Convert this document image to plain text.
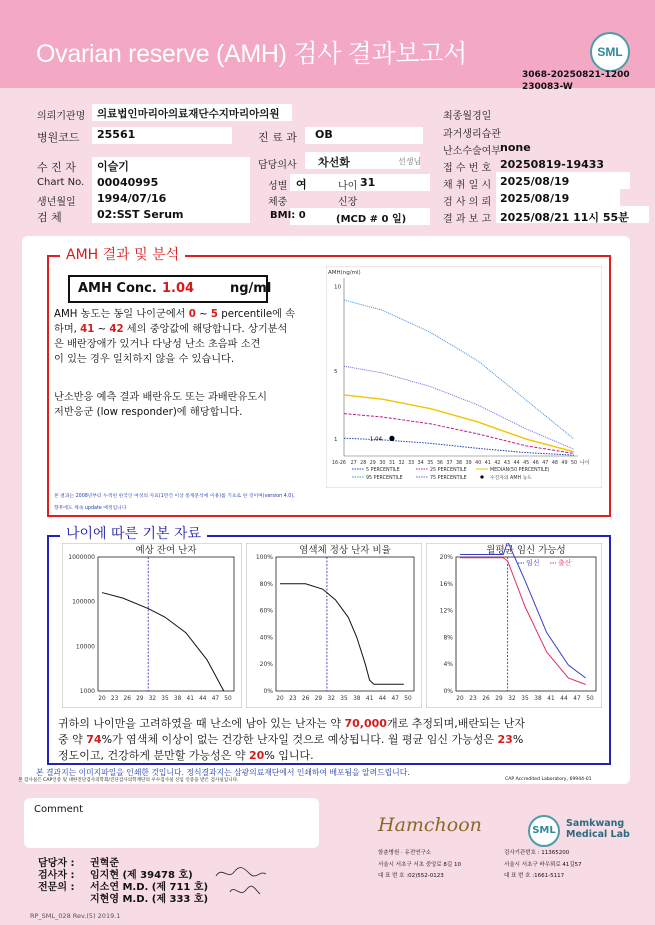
Ovarian reserve (AMH) 검사 결과보고서	SML
3068-20250821-1200
230083-W
의뢰기관명 의료법인마리아의료재단수지마리아의원
병원코드 25561	진 료 과 OB
수 진 자 이슬기	담당의사 차선화	선생님
Chart No. 00040995	성별 여	나이 31
생년월일 1994/07/16	체중	신장
검 체	02:SST Serum	BMI: 0	(MCD # 0 일)
최종월경일
과거생리습관
난소수술여부 none
접 수 번 호 20250819-19433
채 취 일 시 2025/08/19
검 사 의 뢰 2025/08/19
결 과 보 고 2025/08/21 11시 55분
AMH 결과 및 분석
AMH Conc. 1.04	ng/ml
AMH 농도는 동일 나이군에서 0 ~ 5 percentile에 속
하며, 41 ~ 42 세의 중앙값에 해당합니다. 상기분석
은 배란장애가 있거나 다낭성 난소 초음파 소견
이 있는 경우 일치하지 않을 수 있습니다.
난소반응 예측 결과 배란유도 또는 과배란유도시
저반응군 (low responder)에 해당합니다.
본 결과는 2008년부터 누적된 한국인 여성의 자료(1만건 이상 통계분석에 이용)를 기초로 한 것이며(version 4.0),
향후에도 계속 update 예정입니다
AMH(ng/ml)
10
5
1
16-26 27 28 29 30 31 32 33 34 35 36 37 38 39 40 41 42 43 44 45 46 47 48 49 50 나이
1.04
5 PERCENTILE
95 PERCENTILE
MEDIAN(50 PERCENTILE)
25 PERCENTILE
75 PERCENTILE	수진자의 AMH 농도
나이에 따른 기본 자료
예상 잔여 난자
1000000
100000
10000
1000
20 23 26 29 32 35 38 41 44 47 50
염색체 정상 난자 비율
100%
80%
60%
40%
20%
0%
20 23 26 29 32 35 38 41 44 47 50
월평균 임신 가능성
20%
16%
12%
8%
4%
0%
20 23 26 29 32 35 38 41 44 47 50
임신	출산
귀하의 나이만을 고려하였을 때 난소에 남아 있는 난자는 약 70,000개로 추정되며,배란되는 난자
중 약 74%가 염색체 이상이 없는 건강한 난자일 것으로 예상됩니다. 월 평균 임신 가능성은 23%
정도이고, 건강하게 분만할 가능성은 약 20% 입니다.
본 결과지는 이미지파일을 인쇄한 것입니다. 정식결과지는 삼광의료재단에서 인쇄하여 배포됨을 알려드립니다.
본 검사실은 CAP인증 및 대한진단검사의학회/진단검사의학재단의 우수검사실 신임 인증을 받은 검사실입니다.	CAP Accredited Laboratory, 69944-01
Comment
담당자 : 권혁준
검사자 : 임지현 (제 39478 호)
전문의 : 서소연 M.D. (제 711 호)
지현영 M.D. (제 333 호)
Hamchoon
함춘병원 · 유전연구소
서울시 서초구 서초 중앙로 8길 10
대 표 번 호 :02)552-0123
SML
Samkwang
Medical Lab
검사기관번호 : 11365200
서울시 서초구 바우뫼로 41길57
대 표 번 호 :1661-5117
RP_SML_028 Rev.(5) 2019.1
